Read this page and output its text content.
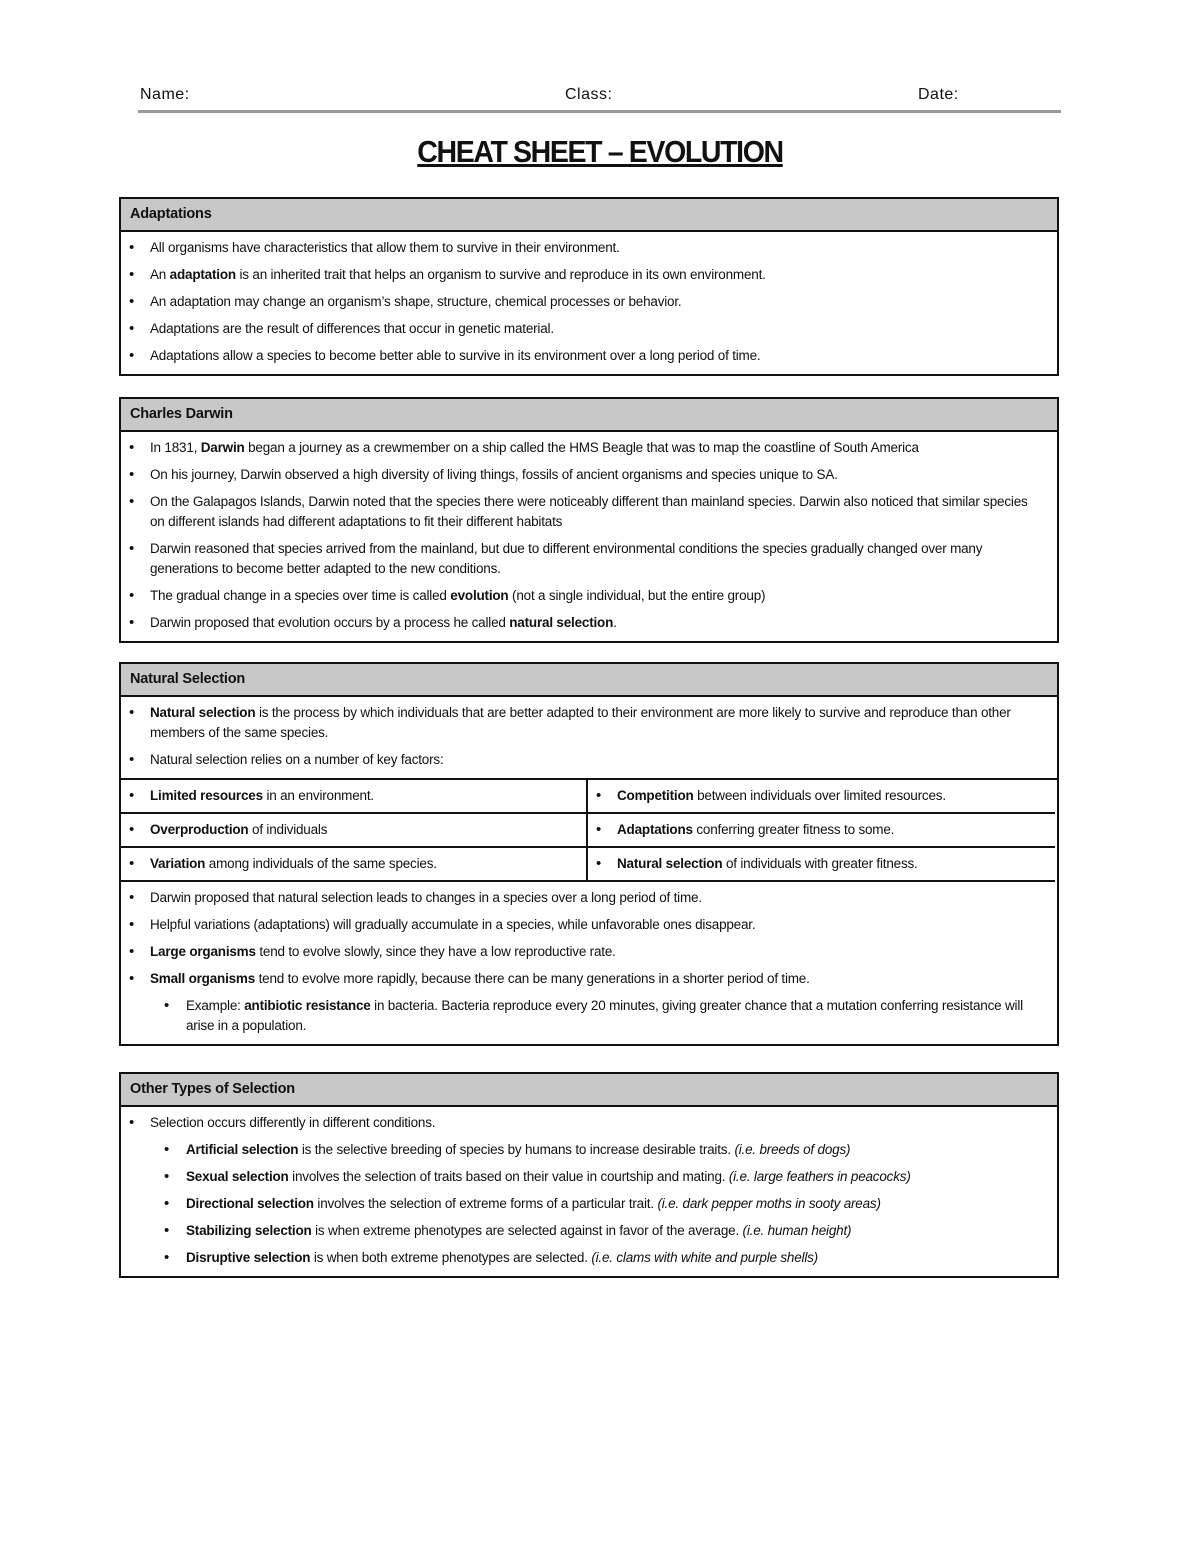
Name:	Class:	Date:
CHEAT SHEET – EVOLUTION
Adaptations
• All organisms have characteristics that allow them to survive in their environment.
• An adaptation is an inherited trait that helps an organism to survive and reproduce in its own environment.
• An adaptation may change an organism’s shape, structure, chemical processes or behavior.
• Adaptations are the result of differences that occur in genetic material.
• Adaptations allow a species to become better able to survive in its environment over a long period of time.
Charles Darwin
• In 1831, Darwin began a journey as a crewmember on a ship called the HMS Beagle that was to map the coastline of South America
• On his journey, Darwin observed a high diversity of living things, fossils of ancient organisms and species unique to SA.
• On the Galapagos Islands, Darwin noted that the species there were noticeably different than mainland species. Darwin also noticed that similar species on different islands had different adaptations to fit their different habitats
• Darwin reasoned that species arrived from the mainland, but due to different environmental conditions the species gradually changed over many generations to become better adapted to the new conditions.
• The gradual change in a species over time is called evolution (not a single individual, but the entire group)
• Darwin proposed that evolution occurs by a process he called natural selection.
Natural Selection
• Natural selection is the process by which individuals that are better adapted to their environment are more likely to survive and reproduce than other members of the same species.
• Natural selection relies on a number of key factors:
• Limited resources in an environment.	• Competition between individuals over limited resources.
• Overproduction of individuals	• Adaptations conferring greater fitness to some.
• Variation among individuals of the same species.	• Natural selection of individuals with greater fitness.
• Darwin proposed that natural selection leads to changes in a species over a long period of time.
• Helpful variations (adaptations) will gradually accumulate in a species, while unfavorable ones disappear.
• Large organisms tend to evolve slowly, since they have a low reproductive rate.
• Small organisms tend to evolve more rapidly, because there can be many generations in a shorter period of time.
• Example: antibiotic resistance in bacteria. Bacteria reproduce every 20 minutes, giving greater chance that a mutation conferring resistance will arise in a population.
Other Types of Selection
• Selection occurs differently in different conditions.
• Artificial selection is the selective breeding of species by humans to increase desirable traits. (i.e. breeds of dogs)
• Sexual selection involves the selection of traits based on their value in courtship and mating. (i.e. large feathers in peacocks)
• Directional selection involves the selection of extreme forms of a particular trait. (i.e. dark pepper moths in sooty areas)
• Stabilizing selection is when extreme phenotypes are selected against in favor of the average. (i.e. human height)
• Disruptive selection is when both extreme phenotypes are selected. (i.e. clams with white and purple shells)
